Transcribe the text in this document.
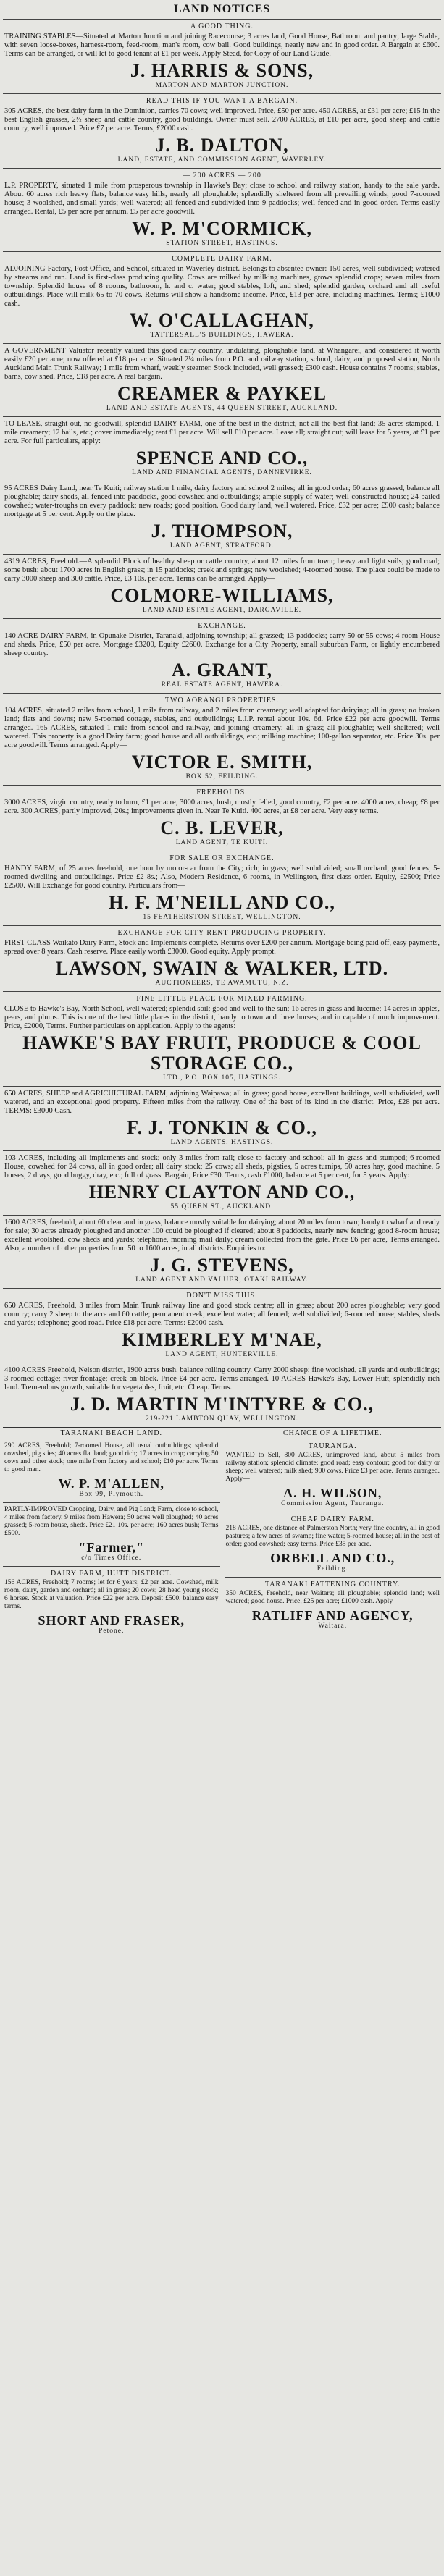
LAND NOTICES
A GOOD THING.

TRAINING STABLES—Situated at Marton Junction and joining Racecourse; 3 acres land, Good House, Bathroom and pantry; large Stable, with seven loose-boxes, harness-room, feed-room, man's room, cow bail. Good buildings, nearly new and in good order. A Bargain at £600. Terms can be arranged, or will let to good tenant at £1 per week. Apply Stead, for Copy of our Land Guide.

J. HARRIS & SONS,
MARTON AND MARTON JUNCTION.
READ THIS IF YOU WANT A BARGAIN.

305 ACRES, the best dairy farm in the Dominion, carries 70 cows; well improved. Price, £50 per acre. 450 ACRES, at £31 per acre; £15 in the best English grasses, 2½ sheep and cattle country, good buildings. Owner must sell. 2700 ACRES, at £10 per acre, good sheep and cattle country, well improved. Price £7 per acre. Terms, £2000 cash.

J. B. DALTON,
LAND, ESTATE, AND COMMISSION AGENT, WAVERLEY.
— 200 ACRES — 200

L.P. PROPERTY, situated 1 mile from prosperous township in Hawke's Bay; close to school and railway station, handy to the sale yards. About 60 acres rich heavy flats, balance easy hills, nearly all ploughable; splendidly sheltered from all prevailing winds; good 7-roomed house; 3 woolshed, and small yards; well watered; all fenced and subdivided into 9 paddocks; well fenced and in good order. Terms easily arranged. Rental, £5 per acre per annum. £5 per acre goodwill.

W. P. M'CORMICK,
STATION STREET, HASTINGS.
COMPLETE DAIRY FARM.

ADJOINING Factory, Post Office, and School, situated in Waverley district. Belongs to absentee owner: 150 acres, well subdivided; watered by streams and run. Land is first-class producing quality. Cows are milked by milking machines, grows splendid crops; seven miles from township. Splendid house of 8 rooms, bathroom, h. and c. water; good stables, loft, and shed; splendid garden, orchard and all useful outbuildings. Place will milk 65 to 70 cows. Returns will show a handsome income. Price, £13 per acre, including machines. Terms; £1000 cash.

W. O'CALLAGHAN,
TATTERSALL'S BUILDINGS, HAWERA.

A GOVERNMENT Valuator recently valued this good dairy country, undulating, ploughable land, at Whangarei, and considered it worth easily £20 per acre; now offered at £18 per acre. Situated 2¼ miles from P.O. and railway station, school, dairy, and proposed station, North Auckland Main Trunk Railway; 1 mile from wharf, weekly steamer. Stock included, well grassed; £300 cash. House contains 7 rooms; stables, barns, cow shed. Price, £18 per acre. A real bargain.

CREAMER & PAYKEL
LAND AND ESTATE AGENTS, 44 QUEEN STREET, AUCKLAND.

TO LEASE, straight out, no goodwill, splendid DAIRY FARM, one of the best in the district, not all the best flat land; 35 acres stamped, 1 mile creamery; 12 bails, etc.; cover immediately; rent £1 per acre. Will sell £10 per acre. Lease all; straight out; will lease for 5 years, at £1 per acre. For full particulars, apply:

SPENCE AND CO.,
LAND AND FINANCIAL AGENTS, DANNEVIRKE.

95 ACRES Dairy Land, near Te Kuiti; railway station 1 mile, dairy factory and school 2 miles; all in good order; 60 acres grassed, balance all ploughable; dairy sheds, all fenced into paddocks, good cowshed and outbuildings; ample supply of water; well-constructed house; 24-bailed cowshed; water-troughs on every paddock; new roads; good position. Good dairy land, well watered. Price, £32 per acre; £900 cash; balance mortgage at 5 per cent. Apply on the place.

J. THOMPSON,
LAND AGENT, STRATFORD.

4319 ACRES, Freehold.—A splendid Block of healthy sheep or cattle country, about 12 miles from town; heavy and light soils; good road; some bush; about 1700 acres in English grass; in 15 paddocks; creek and springs; new woolshed; 4-roomed house. The place could be made to carry 3000 sheep and 300 cattle. Price, £3 10s. per acre. Terms can be arranged. Apply—

COLMORE-WILLIAMS,
LAND AND ESTATE AGENT, DARGAVILLE.
EXCHANGE.

140 ACRE DAIRY FARM, in Opunake District, Taranaki, adjoining township; all grassed; 13 paddocks; carry 50 or 55 cows; 4-room House and sheds. Price, £50 per acre. Mortgage £3200, Equity £2600. Exchange for a City Property, small suburban Farm, or lightly encumbered sheep country.

A. GRANT,
REAL ESTATE AGENT, HAWERA.
TWO AORANGI PROPERTIES.

104 ACRES, situated 2 miles from school, 1 mile from railway, and 2 miles from creamery; well adapted for dairying; all in grass; no broken land; flats and downs; new 5-roomed cottage, stables, and outbuildings; L.I.P. rental about 10s. 6d. Price £22 per acre goodwill. Terms arranged. 165 ACRES, situated 1 mile from school and railway, and joining creamery; all in grass; all ploughable; well sheltered; well watered. This property is a good Dairy farm; good house and all outbuildings, etc.; milking machine; 100-gallon separator, etc. Price 30s. per acre goodwill. Terms arranged. Apply—

VICTOR E. SMITH,
BOX 52, FEILDING.
FREEHOLDS.

3000 ACRES, virgin country, ready to burn, £1 per acre, 3000 acres, bush, mostly felled, good country, £2 per acre. 4000 acres, cheap; £8 per acre. 300 ACRES, partly improved, 20s.; improvements given in. Near Te Kuiti. 400 acres, at £8 per acre. Very easy terms.

C. B. LEVER,
LAND AGENT, TE KUITI.
FOR SALE OR EXCHANGE.

HANDY FARM, of 25 acres freehold, one hour by motor-car from the City; rich; in grass; well subdivided; small orchard; good fences; 5-roomed dwelling and outbuildings. Price £2 8s.; Also, Modern Residence, 6 rooms, in Wellington, first-class order. Equity, £2500; Price £2500. Will Exchange for good country. Particulars from—

H. F. M'NEILL AND CO.,
15 FEATHERSTON STREET, WELLINGTON.
EXCHANGE FOR CITY RENT-PRODUCING PROPERTY.

FIRST-CLASS Waikato Dairy Farm, Stock and Implements complete. Returns over £200 per annum. Mortgage being paid off, easy payments, spread over 8 years. Cash reserve. Place easily worth £3000. Good equity. Apply prompt.

LAWSON, SWAIN & WALKER, LTD.
AUCTIONEERS, TE AWAMUTU, N.Z.
FINE LITTLE PLACE FOR MIXED FARMING.

CLOSE to Hawke's Bay, North School, well watered; splendid soil; good and well to the sun; 16 acres in grass and lucerne; 14 acres in apples, pears, and plums. This is one of the best little places in the district, handy to town and three horses; and in capable of much improvement. Price, £2000, Terms. Further particulars on application. Apply to the agents:

HAWKE'S BAY FRUIT, PRODUCE & COOL STORAGE CO.,
LTD., P.O. BOX 105, HASTINGS.

650 ACRES, SHEEP and AGRICULTURAL FARM, adjoining Waipawa; all in grass; good house, excellent buildings, well subdivided, well watered, and an exceptional good property. Fifteen miles from the railway. One of the best of its kind in the district. Price, £28 per acre. TERMS: £3000 Cash.

F. J. TONKIN & CO.,
LAND AGENTS, HASTINGS.

103 ACRES, including all implements and stock; only 3 miles from rail; close to factory and school; all in grass and stumped; 6-roomed House, cowshed for 24 cows, all in good order; all dairy stock; 25 cows; all sheds, pigsties, 5 acres turnips, 50 acres hay, good machine, 5 horses, 2 drays, good buggy, dray, etc.; full of grass. Bargain, Price £30. Terms, cash £1000, balance at 5 per cent, for 5 years. Apply:

HENRY CLAYTON AND CO.,
55 QUEEN ST., AUCKLAND.

1600 ACRES, freehold, about 60 clear and in grass, balance mostly suitable for dairying; about 20 miles from town; handy to wharf and ready for sale; 30 acres already ploughed and another 100 could be ploughed if cleared; about 8 paddocks, nearly new fencing; good 8-room house; excellent woolshed, cow sheds and yards; telephone, morning mail daily; cream collected from the gate. Price £6 per acre, Terms arranged. Also, a number of other properties from 50 to 1600 acres, in all districts. Enquiries to:

J. G. STEVENS,
LAND AGENT AND VALUER, OTAKI RAILWAY.
DON'T MISS THIS.

650 ACRES, Freehold, 3 miles from Main Trunk railway line and good stock centre; all in grass; about 200 acres ploughable; very good country; carry 2 sheep to the acre and 60 cattle; permanent creek; excellent water; all fenced; well subdivided; 6-roomed house; stables, sheds and yards; telephone; good road. Price £18 per acre. Terms: £2000 cash.

KIMBERLEY M'NAE,
LAND AGENT, HUNTERVILLE.

4100 ACRES Freehold, Nelson district, 1900 acres bush, balance rolling country. Carry 2000 sheep; fine woolshed, all yards and outbuildings; 3-roomed cottage; river frontage; creek on block. Price £4 per acre. Terms arranged. 10 ACRES Hawke's Bay, Lower Hutt, splendidly rich land. Tremendous growth, suitable for vegetables, fruit, etc. Cheap. Terms.

J. D. MARTIN M'INTYRE & CO.,
219-221 LAMBTON QUAY, WELLINGTON.
TARANAKI BEACH LAND.

290 ACRES, Freehold; 7-roomed House, all usual outbuildings; splendid cowshed, pig sties; 40 acres flat land; good rich; 17 acres in crop; carrying 50 cows and other stock; one mile from factory and school; £10 per acre. Terms to good man.

W. P. M'ALLEN,
Box 99, Plymouth.

PARTLY-IMPROVED Cropping, Dairy, and Pig Land; Farm, close to school, 4 miles from factory, 9 miles from Hawera; 50 acres well ploughed; 40 acres grassed; 5-room house, sheds. Price £21 10s. per acre; 160 acres bush; Terms £500.

"Farmer,"
c/o Times Office.
DAIRY FARM, HUTT DISTRICT.

156 ACRES, Freehold; 7 rooms; let for 6 years; £2 per acre. Cowshed, milk room, dairy, garden and orchard; all in grass; 20 cows; 28 head young stock; 6 horses. Stock at valuation. Price £22 per acre. Deposit £500, balance easy terms.

SHORT AND FRASER,
Petone.
CHANCE OF A LIFETIME.
TAURANGA.

WANTED to Sell, 800 ACRES, unimproved land, about 5 miles from railway station; splendid climate; good road; easy contour; good for dairy or sheep; well watered; milk shed; 900 cows. Price £3 per acre. Terms arranged. Apply—

A. H. WILSON,
Commission Agent, Tauranga.
CHEAP DAIRY FARM.

218 ACRES, one distance of Palmerston North; very fine country, all in good pastures; a few acres of swamp; fine water; 5-roomed house; all in the best of order; good cowshed; easy terms. Price £35 per acre.

ORBELL AND CO.,
Feilding.
TARANAKI FATTENING COUNTRY.

350 ACRES, Freehold, near Waitara; all ploughable; splendid land; well watered; good house. Price, £25 per acre; £1000 cash. Apply—

RATLIFF AND AGENCY,
Waitara.
